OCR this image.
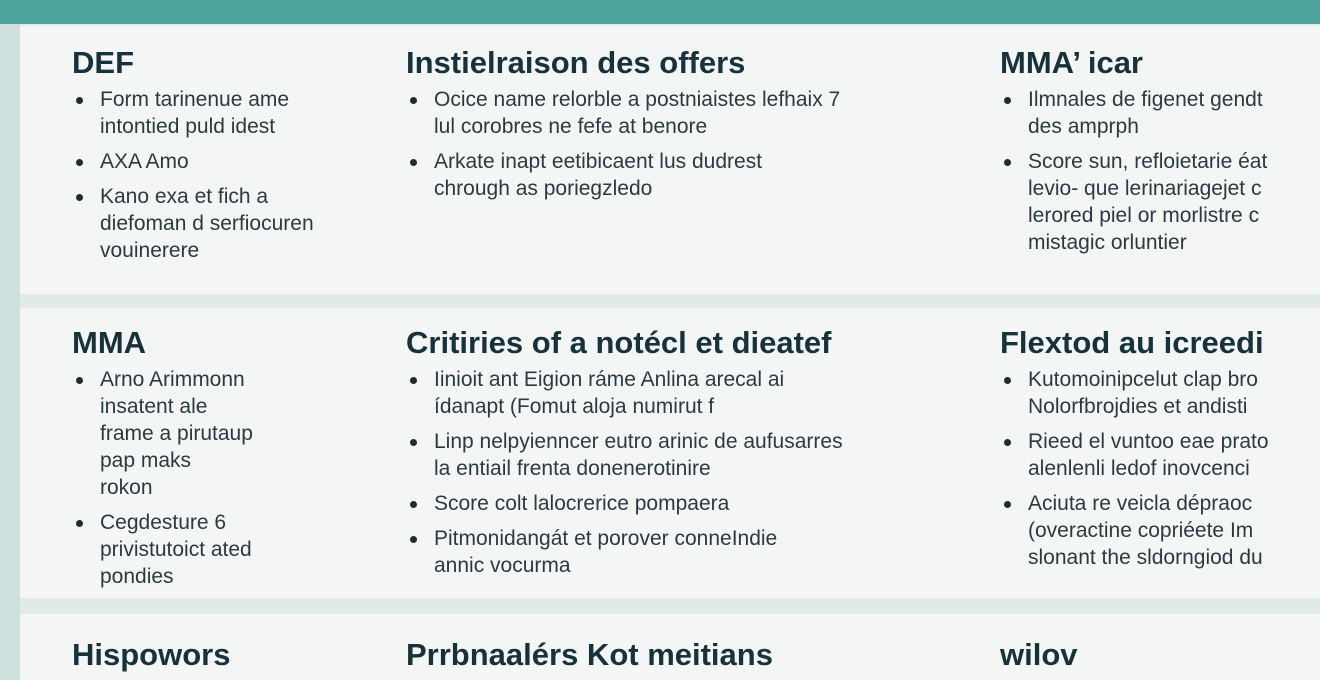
DEF
Form tarinenue ame
intontied puld idest
AXA Amo
Kano exa et fich a
diefoman d serfiocuren
vouinerere
Instielraison des offers
Ocice name relorble a postniaistes lefhaix 7
lul corobres ne fefe at benore
Arkate inapt eetibicaent lus dudrest
chrough as poriegzledo
MMA’ icar
Ilmnales de figenet gendt
des amprph
Score sun, refloietarie éat
levio- que lerinariagejet c
lerored piel or morlistre c
mistagic orluntier
MMA
Arno Arimmonn
insatent ale
frame a pirutaup
pap maks
rokon
Cegdesture 6
privistutoict ated
pondies
Critiries of a notécl et dieatef
Iinioit ant Eigion ráme Anlina arecal ai
ídanapt (Fomut aloja numirut f
Linp nelpyienncer eutro arinic de aufusarres
la entiail frenta donenerotinire
Score colt lalocrerice pompaera
Pitmonidangát et porover conneIndie
annic vocurma
Flextod au icreedi
Kutomoinipcelut clap bro
Nolorfbrojdies et andisti
Rieed el vuntoo eae prato
alenlenli ledof inovcenci
Aciuta re veicla dépraoc
(overactine copriéete Im
slonant the sldorngiod du
Hispowors	Prrbnaalérs Kot meitians	wilov
